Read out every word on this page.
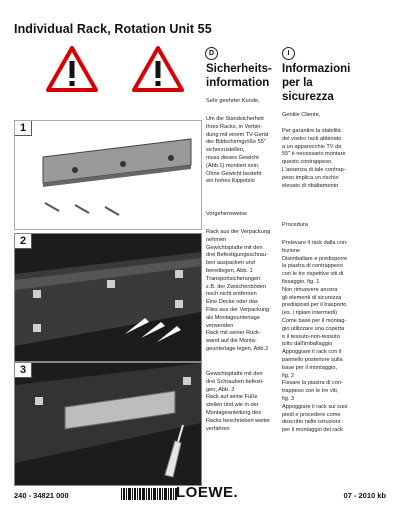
Individual Rack, Rotation Unit 55
1
2
3
D
Sicherheits-
information
Sehr geehrter Kunde,
Um die Standsicherheit
Ihres Racks, in Verbin-
dung mit einem TV-Gerät
der Bildschirmgröße 55"
sicherzustellen,
muss dieses Gewicht
(Abb.1) montiert sein.
Ohne Gewicht besteht
ein hohes Kippotslo
Vorgehensweise
Rack aus der Verpackung
nehmen
Gewichtsplatte mit den
drei Befestigungsschrau-
ben auspacken und
bereitlegen, Abb. 1
Transportsicherungen
z.B. der Zwischenböden
noch nicht entfernen
Eine Decke oder das
Flies aus der Verpackung
als Montageunterlage
verwenden
Rack mit seiner Rück-
wand auf die Monta-
geunterlage legen, Abb.2
Gewichtsplatte mit den
drei Schrauben befesti-
gen, Abb. 3
Rack auf seine Füße
stellen und wie in der
Montageanleitung des
Racks beschrieben weiter
verfahren
I
Informazioni
per la
sicurezza
Gentile Cliente,
Per garantire la stabilità
del vostro rack abbinato
a un apparecchio TV da
55" è necessario montare
questo contrappeso.
L'assenza di tale contrap-
peso implica un rischio
elevato di ribaltamento
Procedura
Prelevare il rack dalla con-
fezione
Disimballare e predisporre
la piastra di contrappeso
con le tre rispettive viti di
fissaggio, fig. 1
Non rimuovere ancora
gli elementi di sicurezza
predisposti per il trasporto
(es. i ripiani intermedi)
Come base per il montag-
gio utilizzare una coperta
o il tessuto-non-tessuto
tolto dall'imballaggio
Appoggiare il rack con il
pannello posteriore sulla
base per il montaggio,
fig. 2
Fissare la piastra di con-
trappeso con le tre viti,
fig. 3
Appoggiare il rack sui suoi
piedi e procedere come
descritto nelle istruzioni
per il montaggio del rack
240 - 34821 000	LOEWE.	07 - 2010 kb
